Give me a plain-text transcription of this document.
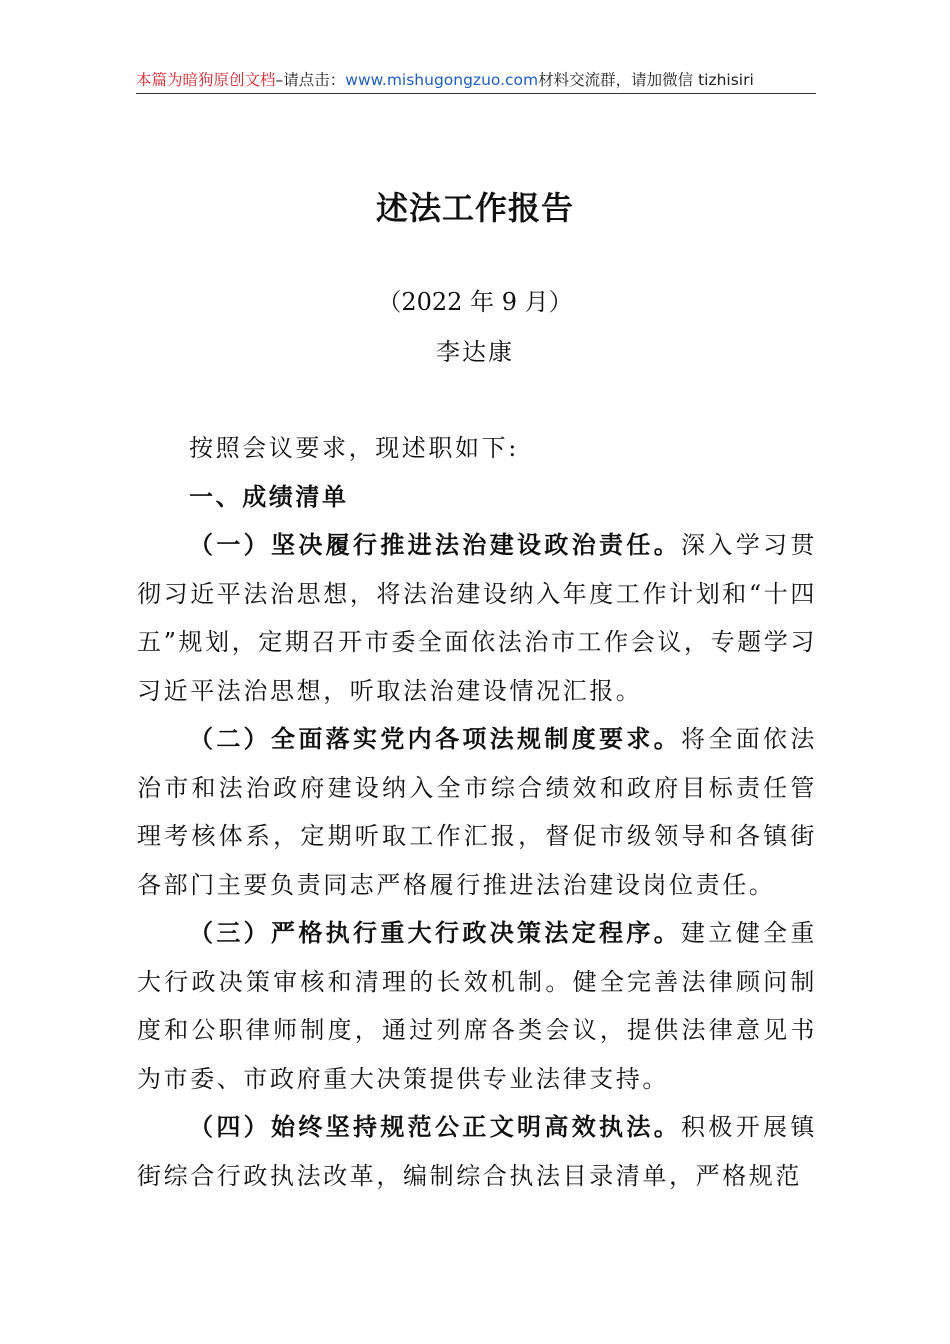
本篇为暗狗原创文档–请点击：www.mishugongzuo.com材料交流群，请加微信 tizhisiri
述法工作报告
（2022 年 9 月）
李达康

按照会议要求，现述职如下:

一、成绩清单

（一）坚决履行推进法治建设政治责任。深入学习贯彻习近平法治思想，将法治建设纳入年度工作计划和“十四五”规划，定期召开市委全面依法治市工作会议，专题学习习近平法治思想，听取法治建设情况汇报。

（二）全面落实党内各项法规制度要求。将全面依法治市和法治政府建设纳入全市综合绩效和政府目标责任管理考核体系，定期听取工作汇报，督促市级领导和各镇街各部门主要负责同志严格履行推进法治建设岗位责任。

（三）严格执行重大行政决策法定程序。建立健全重大行政决策审核和清理的长效机制。健全完善法律顾问制度和公职律师制度，通过列席各类会议，提供法律意见书为市委、市政府重大决策提供专业法律支持。

（四）始终坚持规范公正文明高效执法。积极开展镇街综合行政执法改革，编制综合执法目录清单，严格规范
